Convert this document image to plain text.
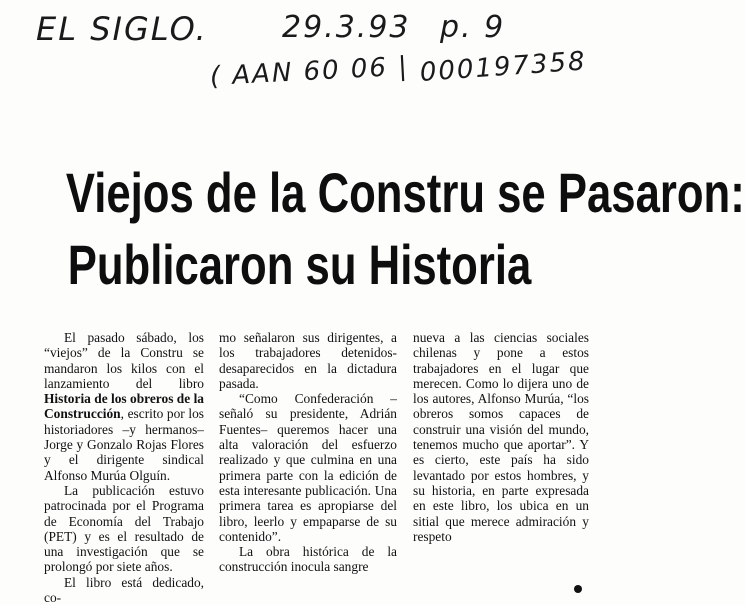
EL SIGLO. 29.3.93 p. 9
( AAN 60 06 | 000197358
Viejos de la Constru se Pasaron:
Publicaron su Historia

El pasado sábado, los “viejos” de la Constru se mandaron los kilos con el lanzamiento del libro Historia de los obreros de la Construcción, escrito por los historiadores –y hermanos– Jorge y Gonzalo Rojas Flores y el dirigente sindical Alfonso Murúa Olguín.

La publicación estuvo patrocinada por el Programa de Economía del Trabajo (PET) y es el resultado de una investigación que se prolongó por siete años.

El libro está dedicado, co-

mo señalaron sus dirigentes, a los trabajadores detenidos-desaparecidos en la dictadura pasada.

“Como Confederación –señaló su presidente, Adrián Fuentes– queremos hacer una alta valoración del esfuerzo realizado y que culmina en una primera parte con la edición de esta interesante publicación. Una primera tarea es apropiarse del libro, leerlo y empaparse de su contenido”.

La obra histórica de la construcción inocula sangre

nueva a las ciencias sociales chilenas y pone a estos trabajadores en el lugar que merecen. Como lo dijera uno de los autores, Alfonso Murúa, “los obreros somos capaces de construir una visión del mundo, tenemos mucho que aportar”. Y es cierto, este país ha sido levantado por estos hombres, y su historia, en parte expresada en este libro, los ubica en un sitial que merece admiración y respeto
